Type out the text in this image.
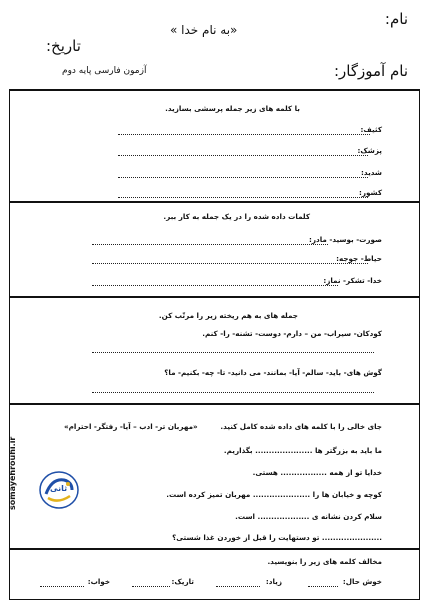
نام:
«به نام خدا »
تاریخ:
نام آموزگار:
آزمون فارسی پایه دوم
با کلمه های زیر جمله پرسشی بسازید.
کثیف:
پزشک:
شدید:
کشور:
کلمات داده شده را در یک جمله به کار ببر.
صورت- بوسید- مادر:
حیاط- جوجه:
خدا- تشکر- نماز:
جمله های به هم ریخته زیر را مرتّب کن.
کودکان- سیراب- من – دارم- دوست- تشنه- را- کنم.
گوش های- باید- سالم- آیا- بمانند- می دانید- تا- چه- بکنیم- ما؟
جای خالی را با کلمه های داده شده کامل کنید.
«مهربان تر- ادب – آیا- رفتگر- احترام»
ما باید به بزرگتر ها ..................... بگذاریم.
خدایا تو از همه ................. هستی.
کوچه و خیابان ها را ..................... مهربان تمیز کرده است.
سلام کردن نشانه ی ................... است.
...................... تو دستهایت را قبل از خوردن غذا شستی؟
ثانی
somayehrouhi.ir
مخالف کلمه های زیر را بنویسید.
خوش حال:
زیاد:
تاریک:
خواب:
